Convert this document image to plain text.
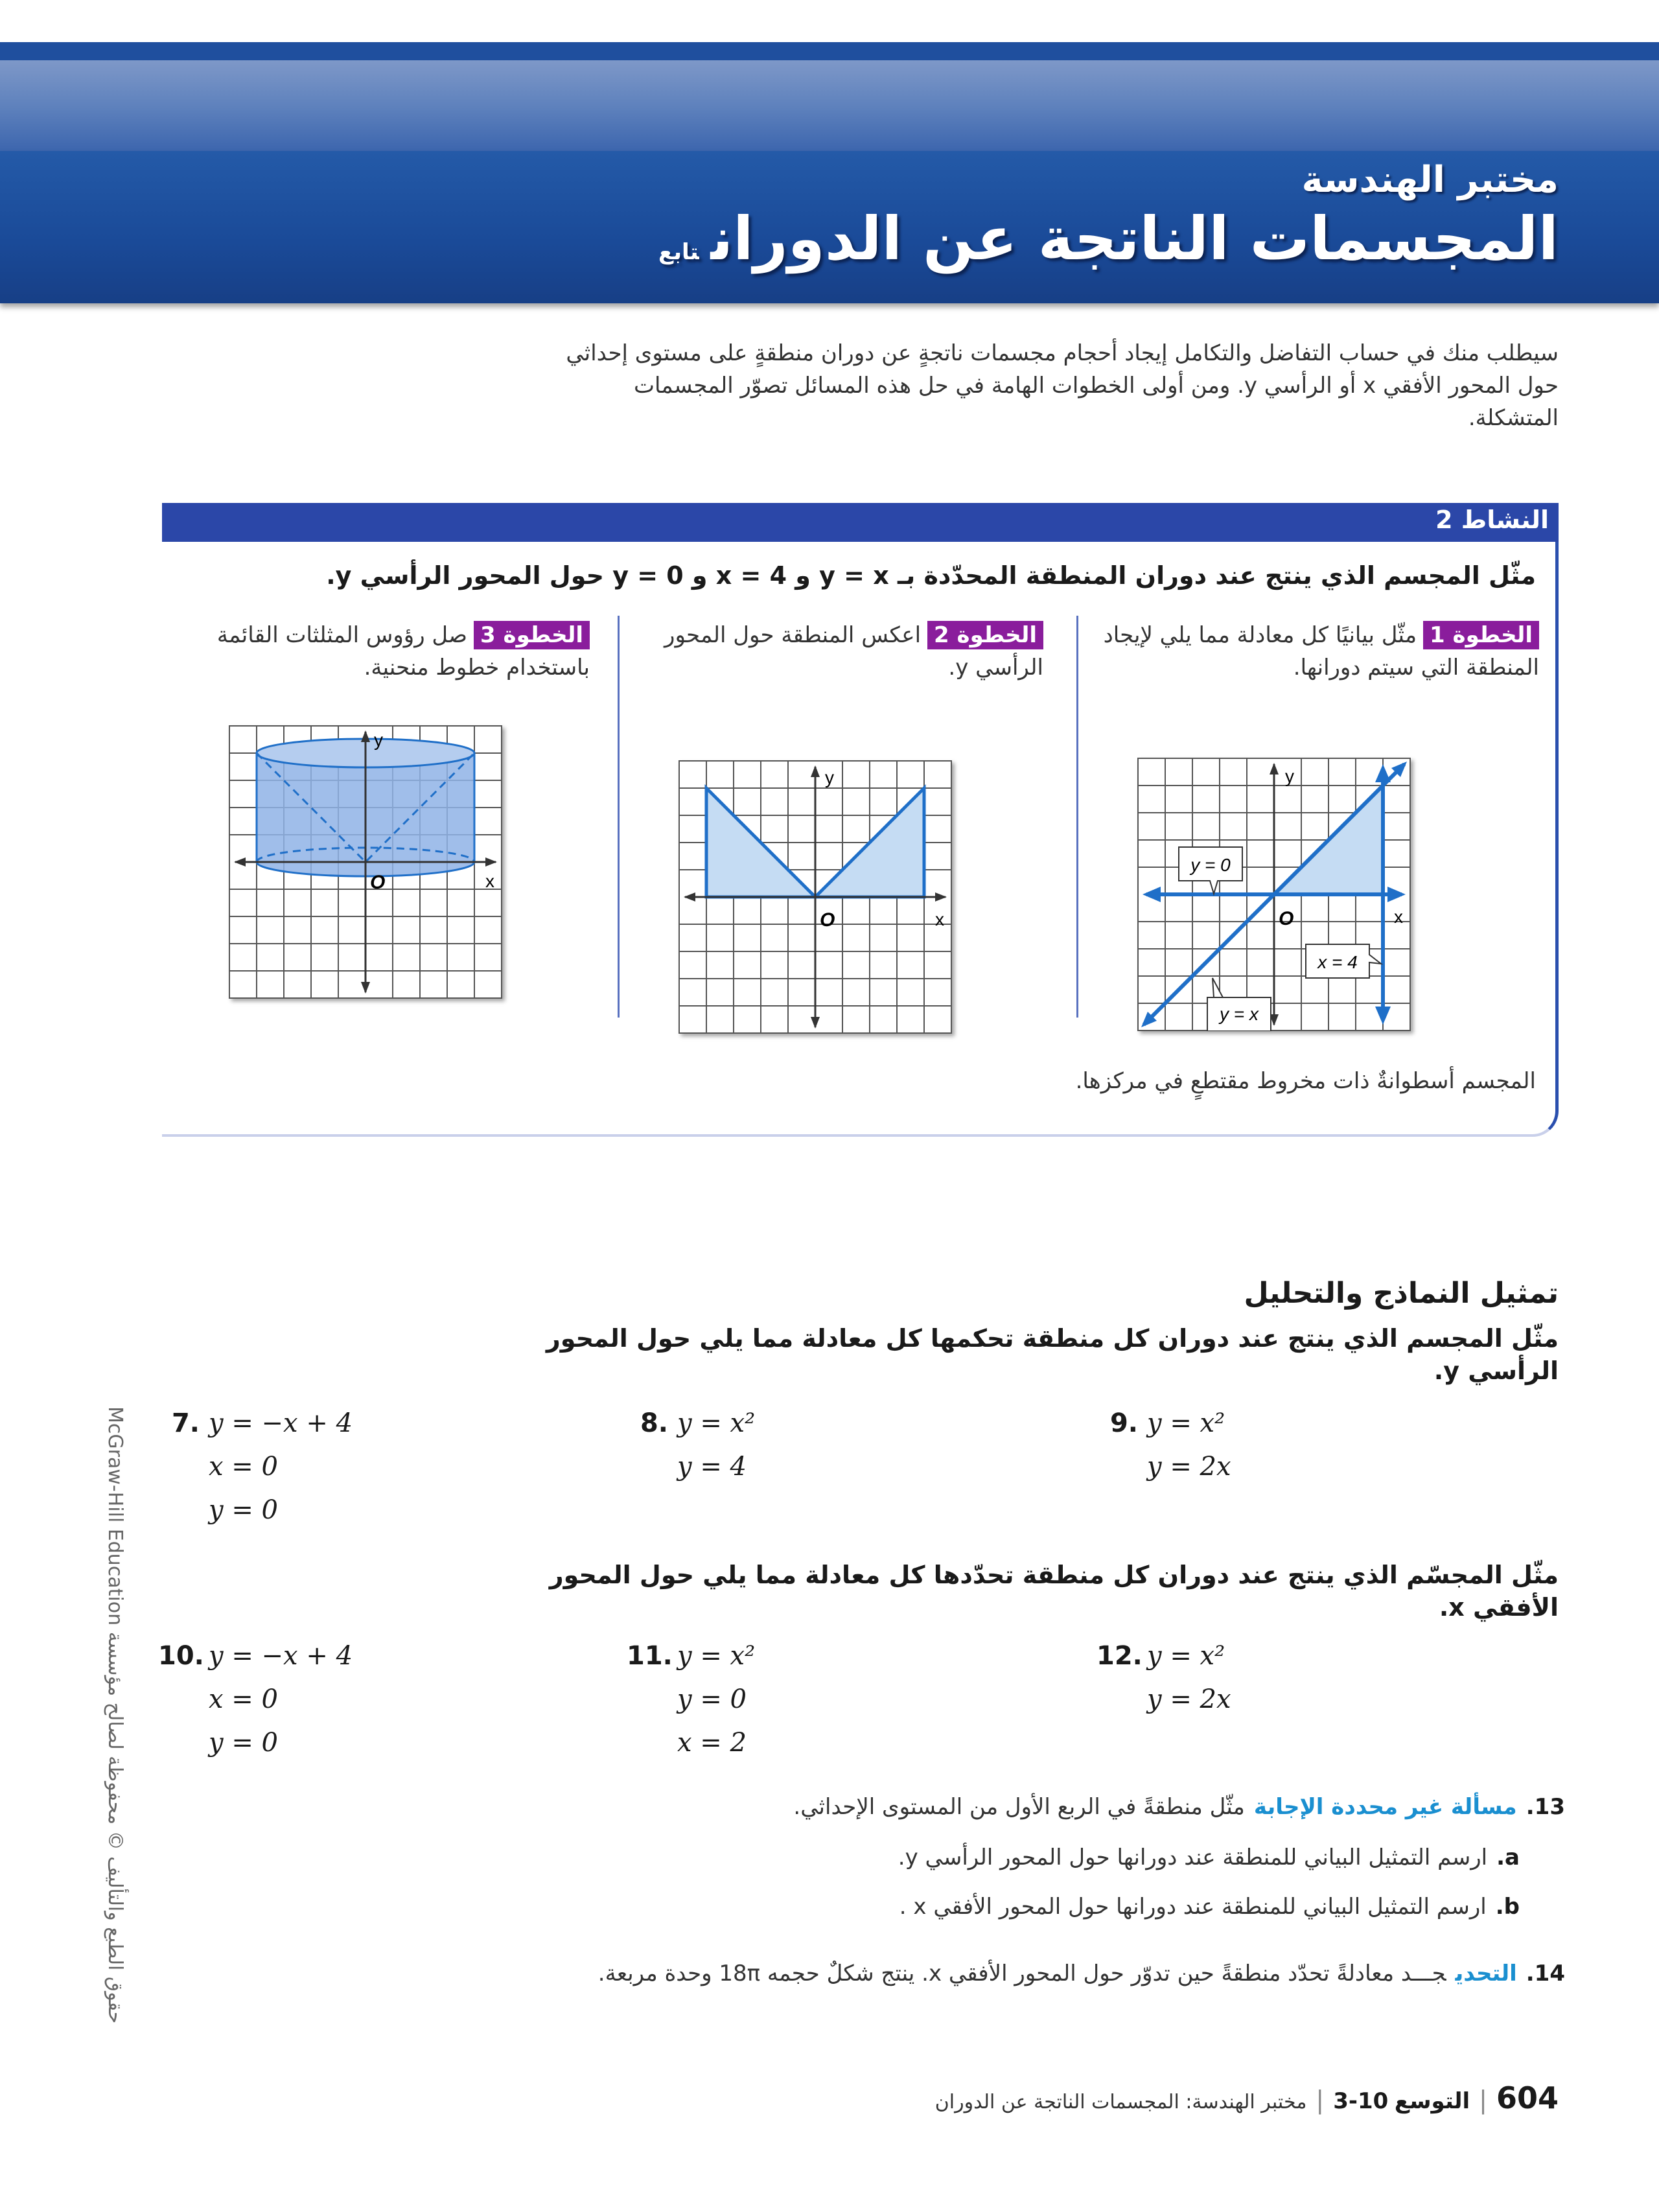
مختبر الهندسة
المجسمات الناتجة عن الدورانتابع
سيطلب منك في حساب التفاضل والتكامل إيجاد أحجام مجسمات ناتجةٍ عن دوران منطقةٍ على مستوى إحداثي حول المحور الأفقي x أو الرأسي y. ومن أولى الخطوات الهامة في حل هذه المسائل تصوّر المجسمات المتشكلة.
النشاط 2
مثّل المجسم الذي ينتج عند دوران المنطقة المحدّدة بـ y = x و x = 4 و y = 0 حول المحور الرأسي y.
الخطوة 1مثّل بيانيًا كل معادلة مما يلي لإيجاد المنطقة التي سيتم دورانها.
الخطوة 2اعكس المنطقة حول المحور الرأسي y.
الخطوة 3صل رؤوس المثلثات القائمة باستخدام خطوط منحنية.
y
x
O
y = 0
x = 4
y = x
y
x
O
y
x
O
المجسم أسطوانةٌ ذات مخروط مقتطعٍ في مركزها.
تمثيل النماذج والتحليل
مثّل المجسم الذي ينتج عند دوران كل منطقة تحكمها كل معادلة مما يلي حول المحور الرأسي y.
7. y = −x + 4
x = 0
y = 0
8. y = x²
y = 4
9. y = x²
y = 2x
مثّل المجسّم الذي ينتج عند دوران كل منطقة تحدّدها كل معادلة مما يلي حول المحور الأفقي x.
10. y = −x + 4
x = 0
y = 0
11. y = x²
y = 0
x = 2
12. y = x²
y = 2x
13.مسألة غير محددة الإجابةمثّل منطقةً في الربع الأول من المستوى الإحداثي.
a.ارسم التمثيل البياني للمنطقة عند دورانها حول المحور الرأسي y.
b.ارسم التمثيل البياني للمنطقة عند دورانها حول المحور الأفقي x .
14.التحديجـــد معادلةً تحدّد منطقةً حين تدوّر حول المحور الأفقي x. ينتج شكلٌ حجمه 18π وحدة مربعة.
McGraw-Hill Education حقوق الطبع والتأليف © محفوظة لصالح مؤسسة
604|التوسع 10-3|مختبر الهندسة: المجسمات الناتجة عن الدوران
